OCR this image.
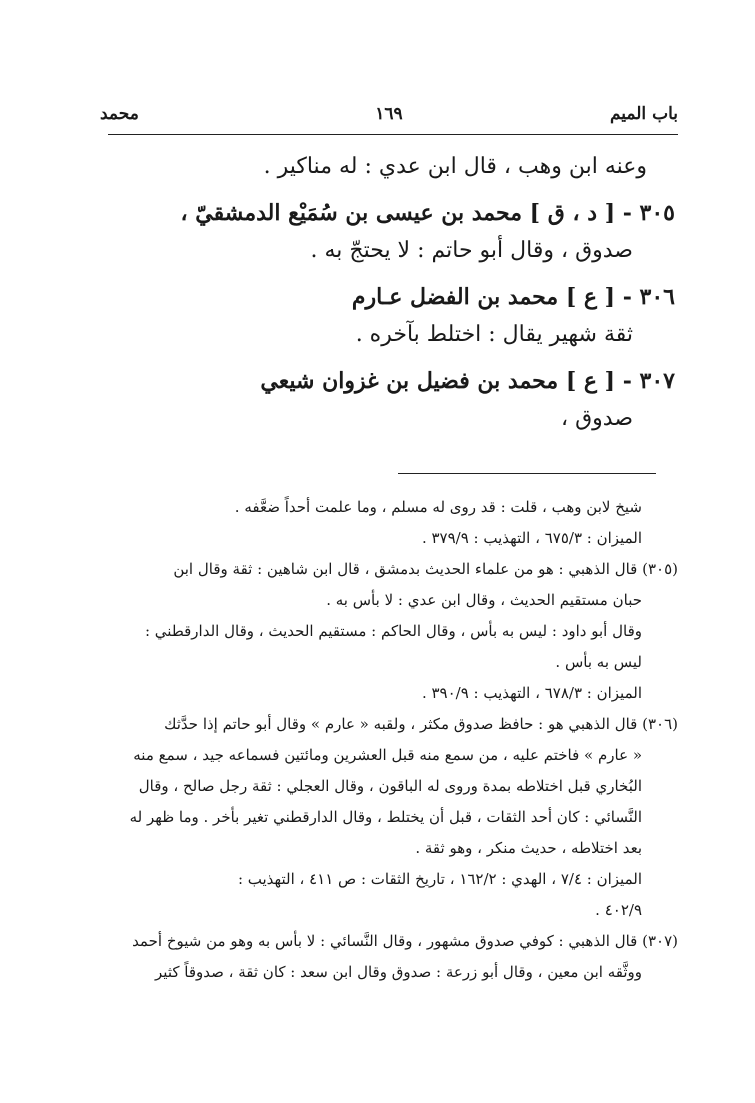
باب الميم
١٦٩
محمد
وعنه ابن وهب ، قال ابن عدي : له مناكير .
٣٠٥ - [ د ، ق ] محمد بن عيسى بن سُمَيْع الدمشقيّ ،
صدوق ، وقال أبو حاتم : لا يحتجّ به .
٣٠٦ - [ ع ] محمد بن الفضل عـارم
ثقة شهير يقال : اختلط بآخره .
٣٠٧ - [ ع ] محمد بن فضيل بن غزوان شيعي
صدوق ،
شيخ لابن وهب ، قلت : قد روى له مسلم ، وما علمت أحداً ضعَّفه .
الميزان : ٦٧٥/٣ ، التهذيب : ٣٧٩/٩ .
(٣٠٥) قال الذهبي : هو من علماء الحديث بدمشق ، قال ابن شاهين : ثقة وقال ابن
حبان مستقيم الحديث ، وقال ابن عدي : لا بأس به .
وقال أبو داود : ليس به بأس ، وقال الحاكم : مستقيم الحديث ، وقال الدارقطني :
ليس به بأس .
الميزان : ٦٧٨/٣ ، التهذيب : ٣٩٠/٩ .
(٣٠٦) قال الذهبي هو : حافظ صدوق مكثر ، ولقبه « عارم » وقال أبو حاتم إذا حدَّثك
« عارم » فاختم عليه ، من سمع منه قبل العشرين ومائتين فسماعه جيد ، سمع منه
البُخاري قبل اختلاطه بمدة وروى له الباقون ، وقال العجلي : ثقة رجل صالح ، وقال
النَّسائي : كان أحد الثقات ، قبل أن يختلط ، وقال الدارقطني تغير بأخر . وما ظهر له
بعد اختلاطه ، حديث منكر ، وهو ثقة .
الميزان : ٧/٤ ، الهدي : ١٦٢/٢ ، تاريخ الثقات : ص ٤١١ ، التهذيب :
٤٠٢/٩ .
(٣٠٧) قال الذهبي : كوفي صدوق مشهور ، وقال النَّسائي : لا بأس به وهو من شيوخ أحمد
ووثَّقه ابن معين ، وقال أبو زرعة : صدوق وقال ابن سعد : كان ثقة ، صدوقاً كثير
